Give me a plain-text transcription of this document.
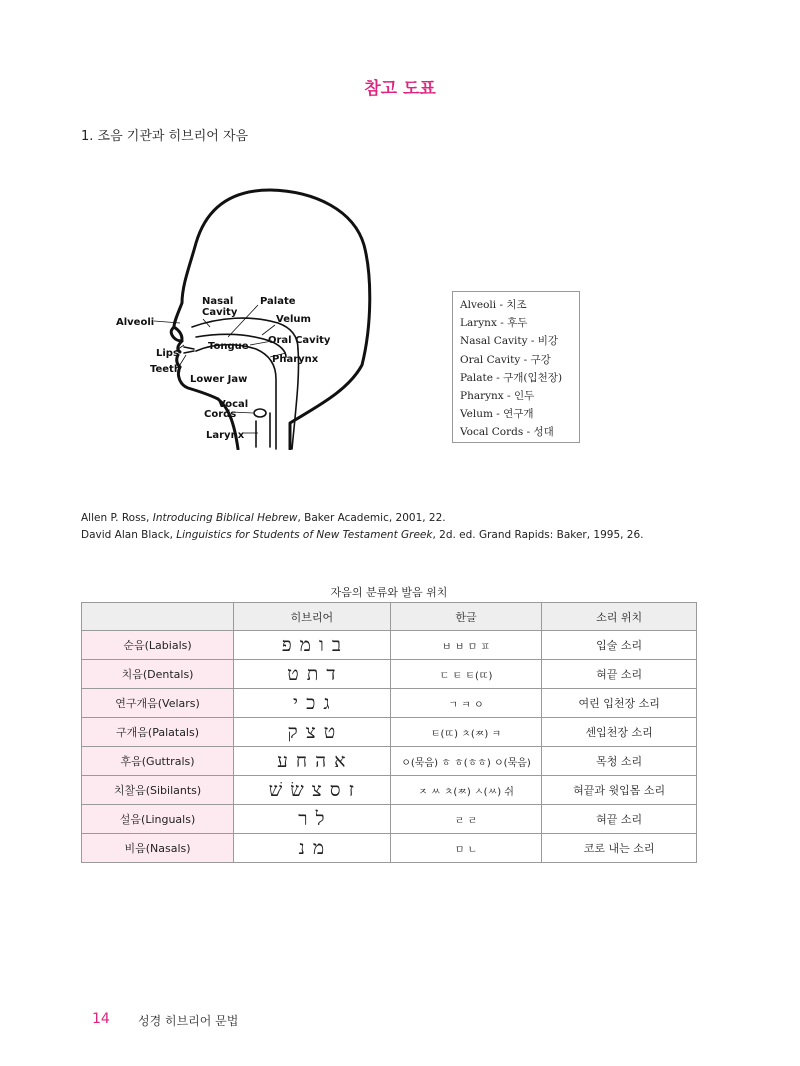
참고 도표
1. 조음 기관과 히브리어 자음
Nasal
Cavity
Palate
Alveoli	Velum
Tongue
Oral Cavity
Lips
Pharynx
Teeth
Lower Jaw
Vocal
Cords
Larynx
Alveoli - 치조
Larynx - 후두
Nasal Cavity - 비강
Oral Cavity - 구강
Palate - 구개(입천장)
Pharynx - 인두
Velum - 연구개
Vocal Cords - 성대
Allen P. Ross, Introducing Biblical Hebrew, Baker Academic, 2001, 22.
David Alan Black, Linguistics for Students of New Testament Greek, 2d. ed. Grand Rapids: Baker, 1995, 26.
자음의 분류와 발음 위치
	히브리어	한글	소리 위치
순음(Labials)	ב ו מ פ	ㅂ ㅂ ㅁ ㅍ	입술 소리
치음(Dentals)	ד ת ט	ㄷ ㅌ ㅌ(ㄸ)	혀끝 소리
연구개음(Velars)	ג כ י	ㄱ ㅋ ㅇ	여린 입천장 소리
구개음(Palatals)	ט צ ק	ㅌ(ㄸ) ㅊ(ㅉ) ㅋ	센입천장 소리
후음(Guttrals)	א ה ח ע	ㅇ(묵음) ㅎ ㅎ(ㅎㅎ) ㅇ(묵음)	목청 소리
치찰음(Sibilants)	ז ס צ שׂ שׁ	ㅈ ㅆ ㅊ(ㅉ) ㅅ(ㅆ) 쉬	혀끝과 윗입몸 소리
설음(Linguals)	ל ר	ㄹ ㄹ	혀끝 소리
비음(Nasals)	מ נ	ㅁ ㄴ	코로 내는 소리
14 성경 히브리어 문법
